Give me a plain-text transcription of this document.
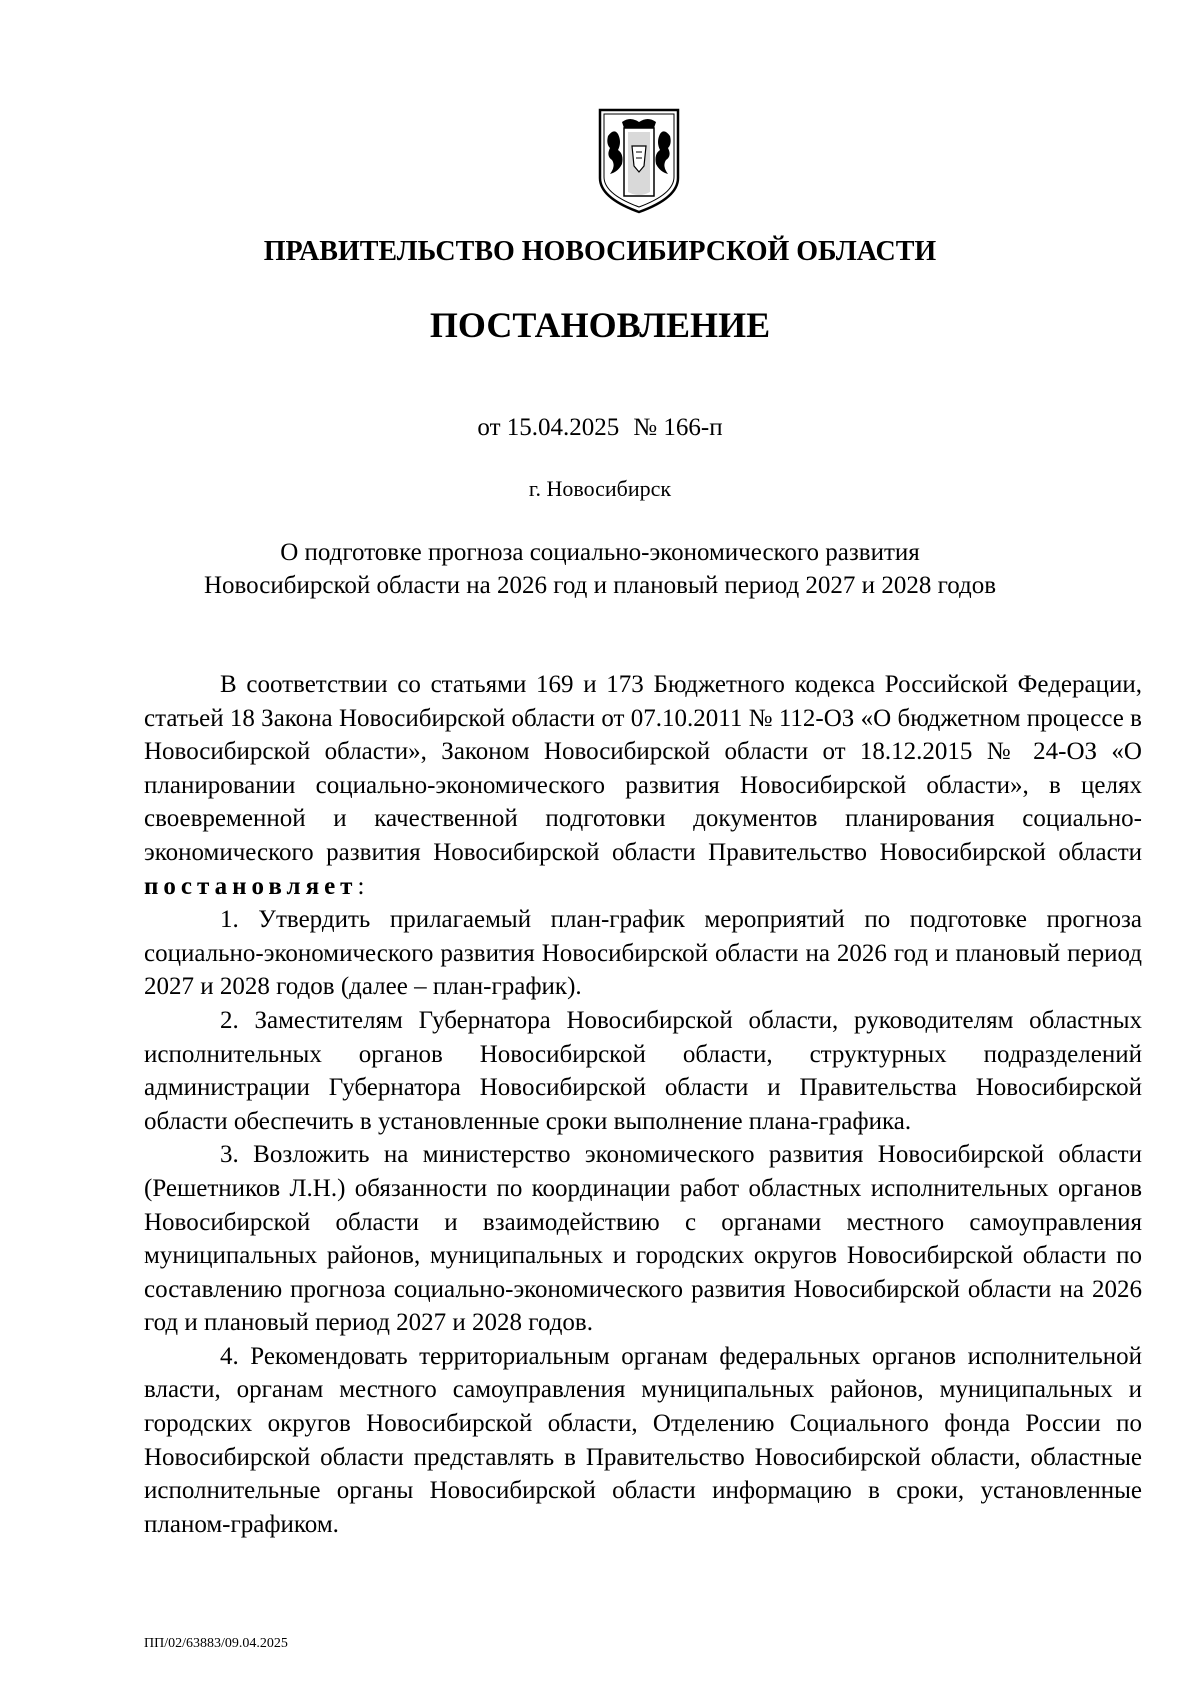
ПРАВИТЕЛЬСТВО НОВОСИБИРСКОЙ ОБЛАСТИ
ПОСТАНОВЛЕНИЕ
от 15.04.2025 № 166-п
г. Новосибирск
О подготовке прогноза социально-экономического развития
Новосибирской области на 2026 год и плановый период 2027 и 2028 годов

В соответствии со статьями 169 и 173 Бюджетного кодекса Российской Федерации, статьей 18 Закона Новосибирской области от 07.10.2011 № 112-ОЗ «О бюджетном процессе в Новосибирской области», Законом Новосибирской области от 18.12.2015 № 24-ОЗ «О планировании социально-экономического развития Новосибирской области», в целях своевременной и качественной подготовки документов планирования социально-экономического развития Новосибирской области Правительство Новосибирской области постановляет:

1. Утвердить прилагаемый план-график мероприятий по подготовке прогноза социально-экономического развития Новосибирской области на 2026 год и плановый период 2027 и 2028 годов (далее – план-график).

2. Заместителям Губернатора Новосибирской области, руководителям областных исполнительных органов Новосибирской области, структурных подразделений администрации Губернатора Новосибирской области и Правительства Новосибирской области обеспечить в установленные сроки выполнение плана-графика.

3. Возложить на министерство экономического развития Новосибирской области (Решетников Л.Н.) обязанности по координации работ областных исполнительных органов Новосибирской области и взаимодействию с органами местного самоуправления муниципальных районов, муниципальных и городских округов Новосибирской области по составлению прогноза социально-экономического развития Новосибирской области на 2026 год и плановый период 2027 и 2028 годов.

4. Рекомендовать территориальным органам федеральных органов исполнительной власти, органам местного самоуправления муниципальных районов, муниципальных и городских округов Новосибирской области, Отделению Социального фонда России по Новосибирской области представлять в Правительство Новосибирской области, областные исполнительные органы Новосибирской области информацию в сроки, установленные планом-графиком.

ПП/02/63883/09.04.2025
